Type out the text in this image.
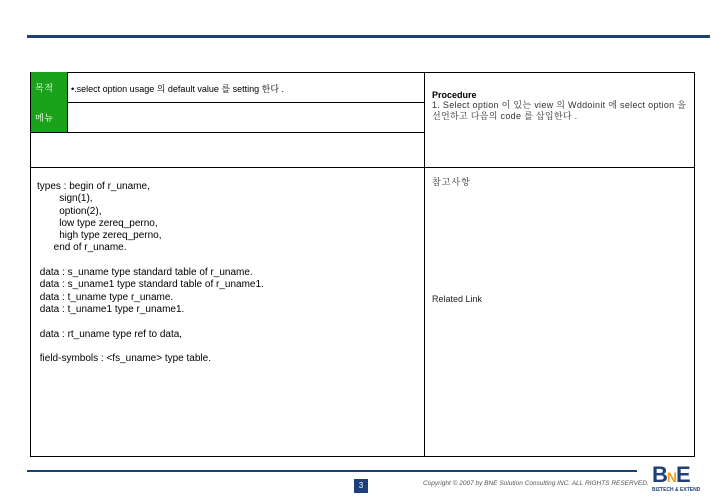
목적 •.select option usage 의 default value 를 setting 한다 .
메뉴
types : begin of r_uname,
sign(1),
option(2),
low type zereq_perno,
high type zereq_perno,
end of r_uname.

data : s_uname type standard table of r_uname.
data : s_uname1 type standard table of r_uname1.
data : t_uname type r_uname.
data : t_uname1 type r_uname1.

data : rt_uname type ref to data,

field-symbols : <fs_uname> type table.
Procedure
1. Select option 이 있는 view 의 Wddoinit 에 select option 을 선언하고 다음의 code 를 삽입한다 .
참고사항
Related Link
3	Copyright © 2007 by BNE Solution Consulting INC. ALL RIGHTS RESERVED. BNE
BIZTECH & EXTEND
